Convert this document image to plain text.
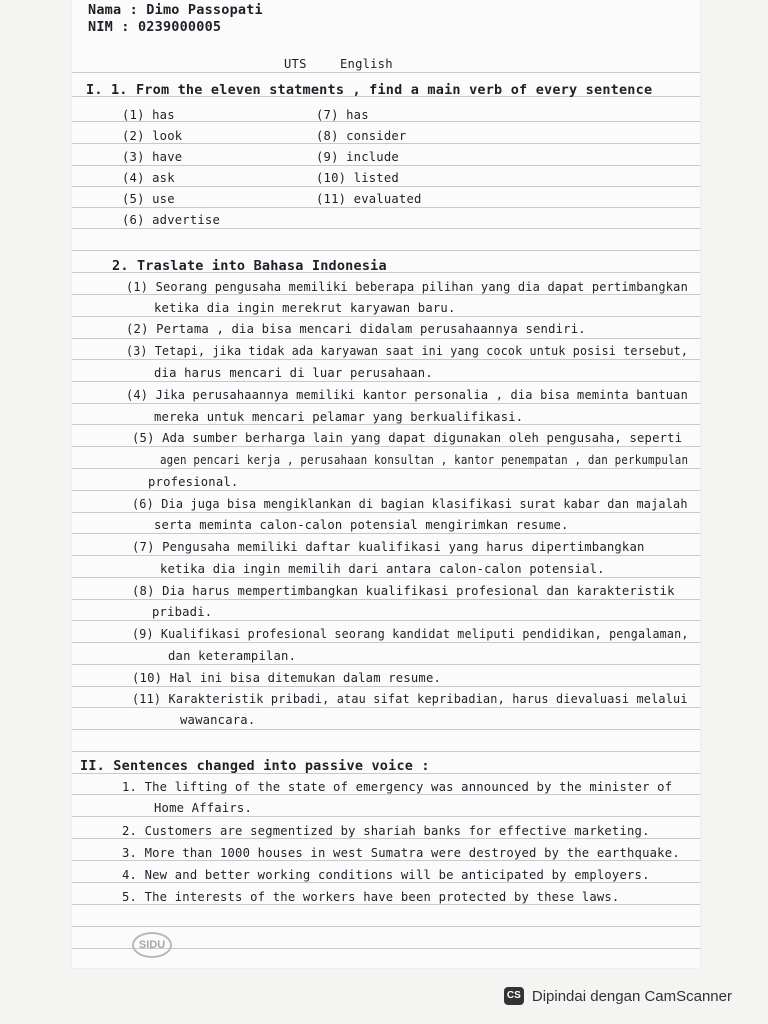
Nama : Dimo Passopati
NIM : 0239000005
UTS	English
I. 1. From the eleven statments , find a main verb of every sentence
(1) has
(2) look
(3) have
(4) ask
(5) use
(6) advertise
(7) has
(8) consider
(9) include
(10) listed
(11) evaluated
2. Traslate into Bahasa Indonesia
(1) Seorang pengusaha memiliki beberapa pilihan yang dia dapat pertimbangkan
ketika dia ingin merekrut karyawan baru.
(2) Pertama , dia bisa mencari didalam perusahaannya sendiri.
(3) Tetapi, jika tidak ada karyawan saat ini yang cocok untuk posisi tersebut,
dia harus mencari di luar perusahaan.
(4) Jika perusahaannya memiliki kantor personalia , dia bisa meminta bantuan
mereka untuk mencari pelamar yang berkualifikasi.
(5) Ada sumber berharga lain yang dapat digunakan oleh pengusaha, seperti
agen pencari kerja , perusahaan konsultan , kantor penempatan , dan perkumpulan
profesional.
(6) Dia juga bisa mengiklankan di bagian klasifikasi surat kabar dan majalah
serta meminta calon-calon potensial mengirimkan resume.
(7) Pengusaha memiliki daftar kualifikasi yang harus dipertimbangkan
ketika dia ingin memilih dari antara calon-calon potensial.
(8) Dia harus mempertimbangkan kualifikasi profesional dan karakteristik
pribadi.
(9) Kualifikasi profesional seorang kandidat meliputi pendidikan, pengalaman,
dan keterampilan.
(10) Hal ini bisa ditemukan dalam resume.
(11) Karakteristik pribadi, atau sifat kepribadian, harus dievaluasi melalui
wawancara.
II. Sentences changed into passive voice :
1. The lifting of the state of emergency was announced by the minister of
Home Affairs.
2. Customers are segmentized by shariah banks for effective marketing.
3. More than 1000 houses in west Sumatra were destroyed by the earthquake.
4. New and better working conditions will be anticipated by employers.
5. The interests of the workers have been protected by these laws.
SIDU
CS Dipindai dengan CamScanner
